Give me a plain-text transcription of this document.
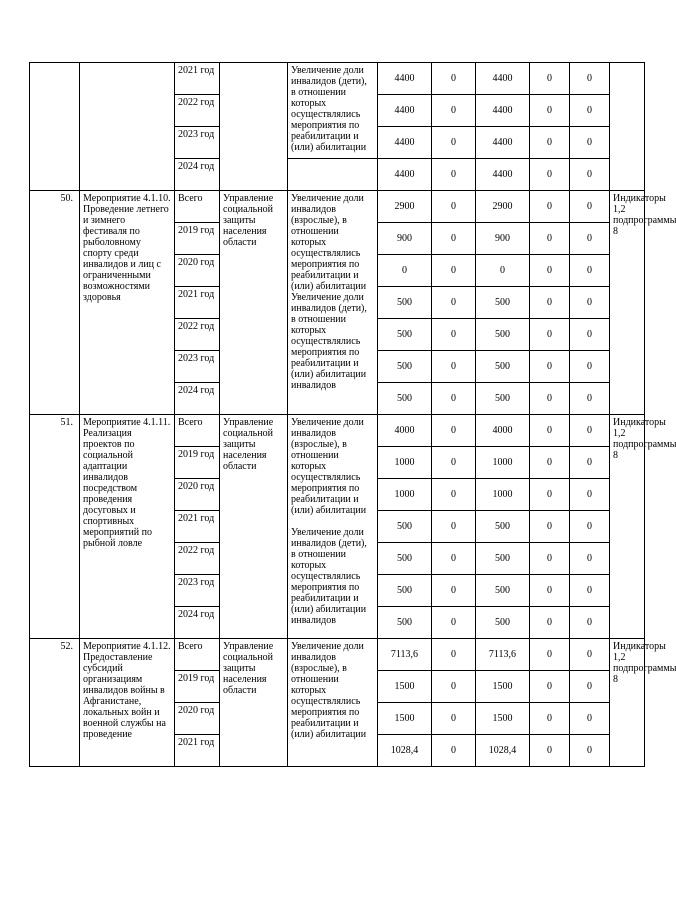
		2021 год		Увеличение доли инвалидов (дети), в отношении которых осуществлялись мероприятия по реабилитации и (или) абилитации	4400	0	4400	0	0	
		2022 год			4400	0	4400	0	0	
		2023 год			4400	0	4400	0	0	
		2024 год			4400	0	4400	0	0	
50.	Мероприятие 4.1.10. Проведение летнего и зимнего фестиваля по рыболовному спорту среди инвалидов и лиц с ограниченными возможностями здоровья	Всего	Управление социальной защиты населения области	Увеличение доли инвалидов (взрослые), в отношении которых осуществлялись мероприятия по реабилитации и (или) абилитации Увеличение доли инвалидов (дети), в отношении которых осуществлялись мероприятия по реабилитации и (или) абилитации инвалидов	2900	0	2900	0	0	Индикаторы 1,2 подпрограммы 8
		2019 год			900	0	900	0	0	
		2020 год			0	0	0	0	0	
		2021 год			500	0	500	0	0	
		2022 год			500	0	500	0	0	
		2023 год			500	0	500	0	0	
		2024 год			500	0	500	0	0	
51.	Мероприятие 4.1.11. Реализация проектов по социальной адаптации инвалидов посредством проведения досуговых и спортивных мероприятий по рыбной ловле	Всего	Управление социальной защиты населения области	Увеличение доли инвалидов (взрослые), в отношении которых осуществлялись мероприятия по реабилитации и (или) абилитации

Увеличение доли инвалидов (дети), в отношении которых осуществлялись мероприятия по реабилитации и (или) абилитации инвалидов	4000	0	4000	0	0	Индикаторы 1,2 подпрограммы 8
		2019 год			1000	0	1000	0	0	
		2020 год			1000	0	1000	0	0	
		2021 год			500	0	500	0	0	
		2022 год			500	0	500	0	0	
		2023 год			500	0	500	0	0	
		2024 год			500	0	500	0	0	
52.	Мероприятие 4.1.12. Предоставление субсидий организациям инвалидов войны в Афганистане, локальных войн и военной службы на проведение	Всего	Управление социальной защиты населения области	Увеличение доли инвалидов (взрослые), в отношении которых осуществлялись мероприятия по реабилитации и (или) абилитации	7113,6	0	7113,6	0	0	Индикаторы 1,2 подпрограммы 8
		2019 год			1500	0	1500	0	0	
		2020 год			1500	0	1500	0	0	
		2021 год			1028,4	0	1028,4	0	0	
